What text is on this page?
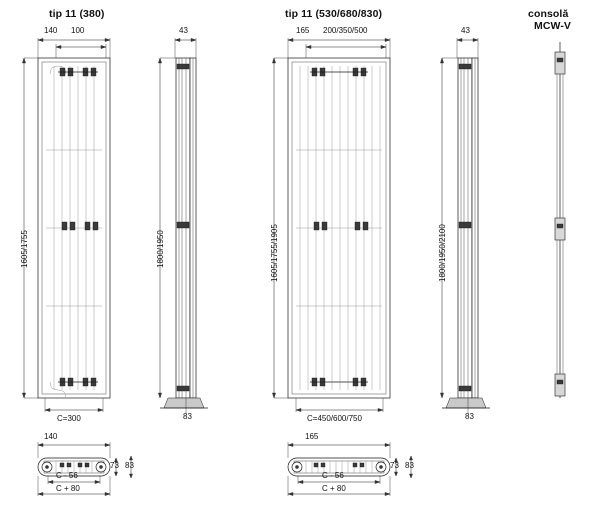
tip 11 (380)	tip 11 (530/680/830)	consolă
MCW-V
140 100
1605/1755
C=300
43
1800/1950
83
165 200/350/500
1605/1755/1905
C=450/600/750
43
1800/1950/2100
83
140
73 83
C - 56
C + 80
165
73 83
C - 56
C + 80
